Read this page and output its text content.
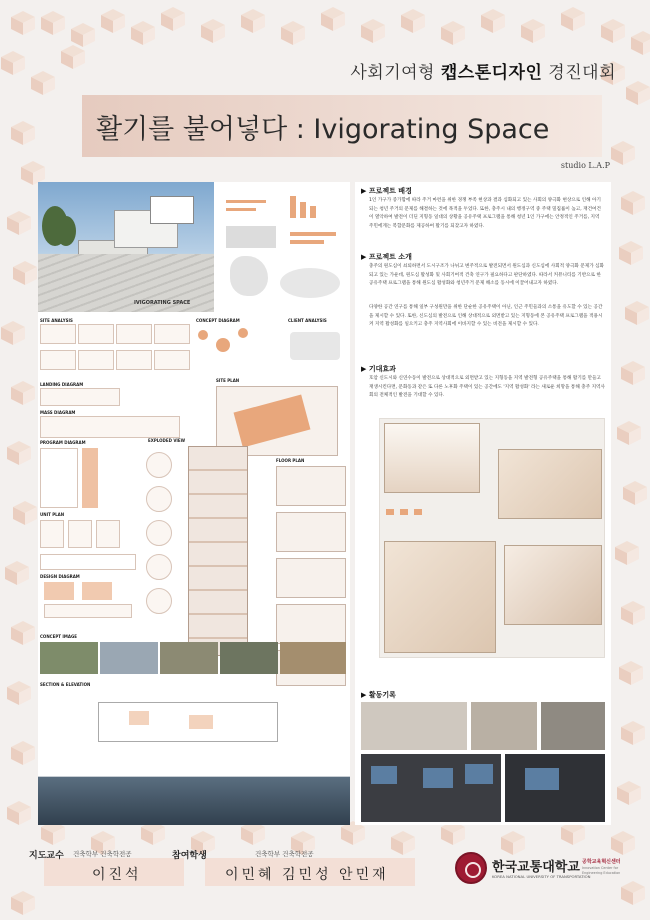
사회기여형 캡스톤디자인 경진대회
활기를 불어넣다 : Ivigorating Space
studio L.A.P
IVIGORATING SPACE
SITE ANALYSIS	CONCEPT DIAGRAM	CLIENT ANALYSIS
SITE PLAN
LANDING DIAGRAM
MASS DIAGRAM
PROGRAM DIAGRAM	EXPLODED VIEW
FLOOR PLAN
UNIT PLAN
DESIGN DIAGRAM
CONCEPT IMAGE
SECTION & ELEVATION
▶ 프로젝트 배경
1인 가구가 증가함에 따라 주거 마련을 위한 경쟁 부족 현상과 결과 심화되고 있는 사회의 양극화 현상으로 인해 아기되는 청년 주거의 문제를 해결하는 것에 목적을 두었다. 또한, 충주시 내의 행정구역 중 주택 밀집률이 높고, 재건여건이 열악하여 발전이 더딘 지형동 일대의 상황을 공유주택 프로그램을 통해 청년 1인 가구에는 안정적인 주거를, 지역 주민에게는 복합문화를 제공하여 활기를 되찾고자 하였다.
▶ 프로젝트 소개
충주의 원도심이 쇠퇴하면서 도시구조가 나뉘고 변주적으로 발전되면서 원도심과 신도심에 사회적 양극화 문제가 심화되고 있는 가운데, 원도심 활성화 및 사회기여적 건축 연구가 필요하다고 판단하였다. 따라서 커뮤니티를 기반으로 한 공유주택 프로그램을 통해 원도심 활성화와 청년주거 문제 해소를 동시에 이끌어내고자 하였다.
다양한 공간 연구를 통해 일부 구성원만을 위한 단순한 공유주택이 아닌, 인근 주민들과의 소통을 유도할 수 있는 공간을 제시할 수 있다. 또한, 신도심의 발전으로 인해 상대적으로 외면받고 있는 지형동에 본 공유주택 프로그램을 적용시켜 지역 활성화를 일으키고 충주 지역사회에 이바지할 수 있는 비전을 제시할 수 있다.
▶ 기대효과
호암 신도시와 신연수동이 발전으로 상대적으로 외면받고 있는 지형동을 지역 발전형 공유주택을 통해 활기를 만들고 재생시킨다면, 문화동과 같은 또 다른 노후화 주택이 있는 공간에도 '지역 활성화' 라는 새로운 희망을 통해 충주 지역사회의 전체적인 발전을 기대할 수 있다.
▶ 활동기록
지도교수 건축학부 건축학전공
이진석
참여학생	건축학부 건축학전공
이민혜 김민성 안민재	한국교통대학교
KOREA NATIONAL UNIVERSITY OF TRANSPORTATION
공학교육혁신센터
Innovation Center for Engineering Education
